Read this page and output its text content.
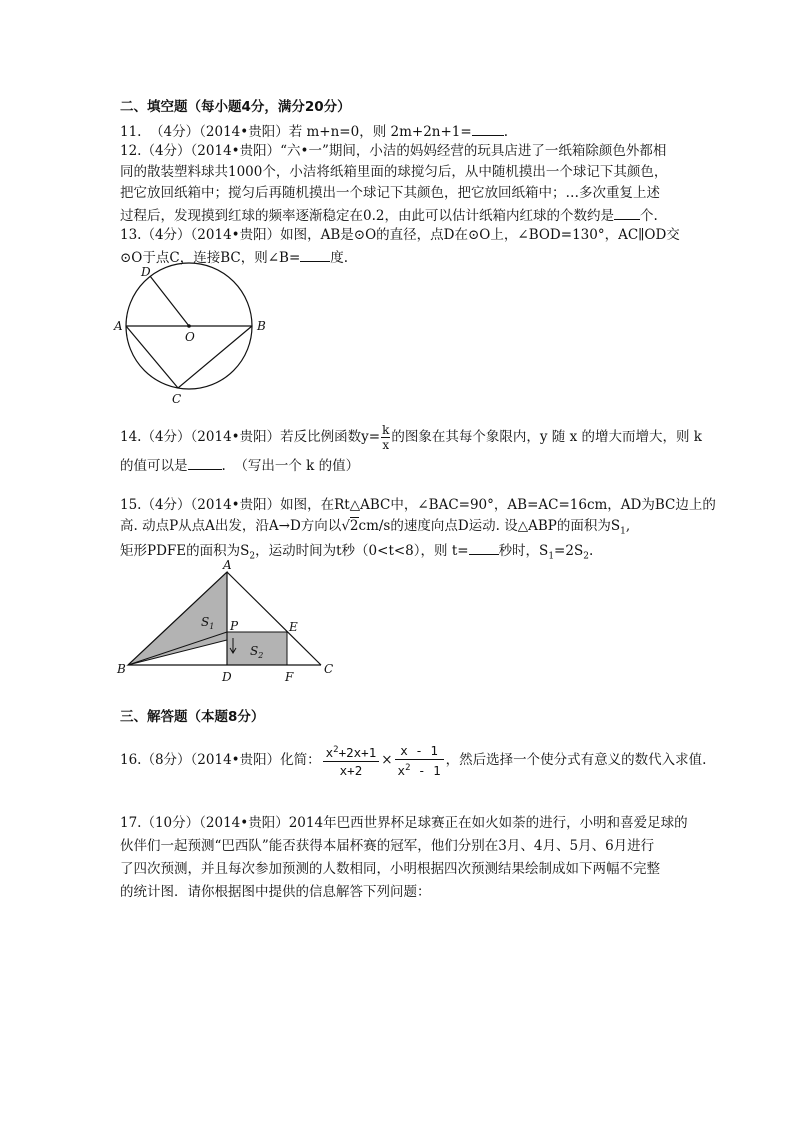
二、填空题（每小题4分，满分20分）
11.  （4分）（2014•贵阳）若 m+n=0，则 2m+2n+1= .
12.（4分）（2014•贵阳）“六•一”期间，小洁的妈妈经营的玩具店进了一纸箱除颜色外都相
同的散装塑料球共1000个，小洁将纸箱里面的球搅匀后，从中随机摸出一个球记下其颜色，
把它放回纸箱中；搅匀后再随机摸出一个球记下其颜色，把它放回纸箱中；…多次重复上述
过程后，发现摸到红球的频率逐渐稳定在0.2，由此可以估计纸箱内红球的个数约是 个.
13.（4分）（2014•贵阳）如图，AB是⊙O的直径，点D在⊙O上，∠BOD=130°，AC∥OD交
⊙O于点C，连接BC，则∠B= 度.
D
A
O
B
C
14.（4分）（2014•贵阳）若反比例函数$y= \frac{k}{x}$ 的图象在其每个象限内，y 随 x 的增大而增大，则 k
的值可以是	.  （写出一个 k 的值）
15.（4分）（2014•贵阳）如图，在Rt△ABC中，∠BAC=90°，AB=AC=16cm，AD为BC边上的
高. 动点P从点A出发，沿A→D方向以√2cm/s的速度向点D运动. 设△ABP的面积为$S_1$,
矩形PDFE的面积为$S_2$，运动时间为t秒（0<t<8），则 t= 秒时，$S_1=2S_2$.
A
B	C
D	F
E
P
$S_1$
$S_2$
三、解答题（本题8分）
16.（8分）（2014•贵阳）化简： $\frac{x^2+2x+1}{x+2} \times \frac{x - 1}{x^2 - 1}$ ，然后选择一个使分式有意义的数代入求值.
17.（10分）（2014•贵阳）2014年巴西世界杯足球赛正在如火如荼的进行，小明和喜爱足球的
伙伴们一起预测“巴西队”能否获得本届杯赛的冠军，他们分别在3月、4月、5月、6月进行
了四次预测，并且每次参加预测的人数相同，小明根据四次预测结果绘制成如下两幅不完整
的统计图．请你根据图中提供的信息解答下列问题：
